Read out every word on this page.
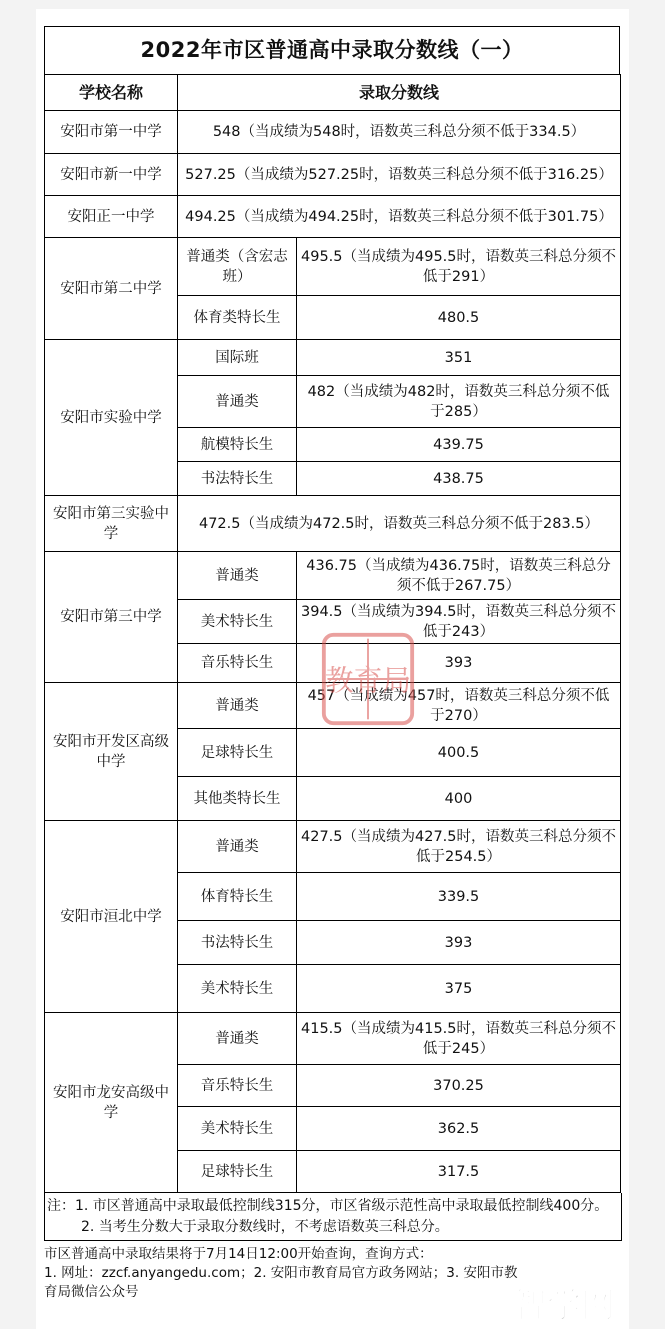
2022年市区普通高中录取分数线（一）
学校名称	录取分数线	
安阳市第一中学	548（当成绩为548时，语数英三科总分须不低于334.5）	
安阳市新一中学	527.25（当成绩为527.25时，语数英三科总分须不低于316.25）	
安阳正一中学	494.25（当成绩为494.25时，语数英三科总分须不低于301.75）	
安阳市第二中学	普通类（含宏志班）	495.5（当成绩为495.5时，语数英三科总分须不低于291）
	体育类特长生	480.5
安阳市实验中学	国际班	351
	普通类	482（当成绩为482时，语数英三科总分须不低于285）
	航模特长生	439.75
	书法特长生	438.75
安阳市第三实验中学	472.5（当成绩为472.5时，语数英三科总分须不低于283.5）	
安阳市第三中学	普通类	436.75（当成绩为436.75时，语数英三科总分须不低于267.75）
	美术特长生	394.5（当成绩为394.5时，语数英三科总分须不低于243）
	音乐特长生	393
安阳市开发区高级中学	普通类	457（当成绩为457时，语数英三科总分须不低于270）
	足球特长生	400.5
	其他类特长生	400
安阳市洹北中学	普通类	427.5（当成绩为427.5时，语数英三科总分须不低于254.5）
	体育特长生	339.5
	书法特长生	393
	美术特长生	375
安阳市龙安高级中学	普通类	415.5（当成绩为415.5时，语数英三科总分须不低于245）
	音乐特长生	370.25
	美术特长生	362.5
	足球特长生	317.5

注：1. 市区普通高中录取最低控制线315分，市区省级示范性高中录取最低控制线400分。

2. 当考生分数大于录取分数线时，不考虑语数英三科总分。

市区普通高中录取结果将于7月14日12:00开始查询，查询方式：

1. 网址：zzcf.anyangedu.com；2. 安阳市教育局官方政务网站；3. 安阳市教

育局微信公众号

教育局
智学网
